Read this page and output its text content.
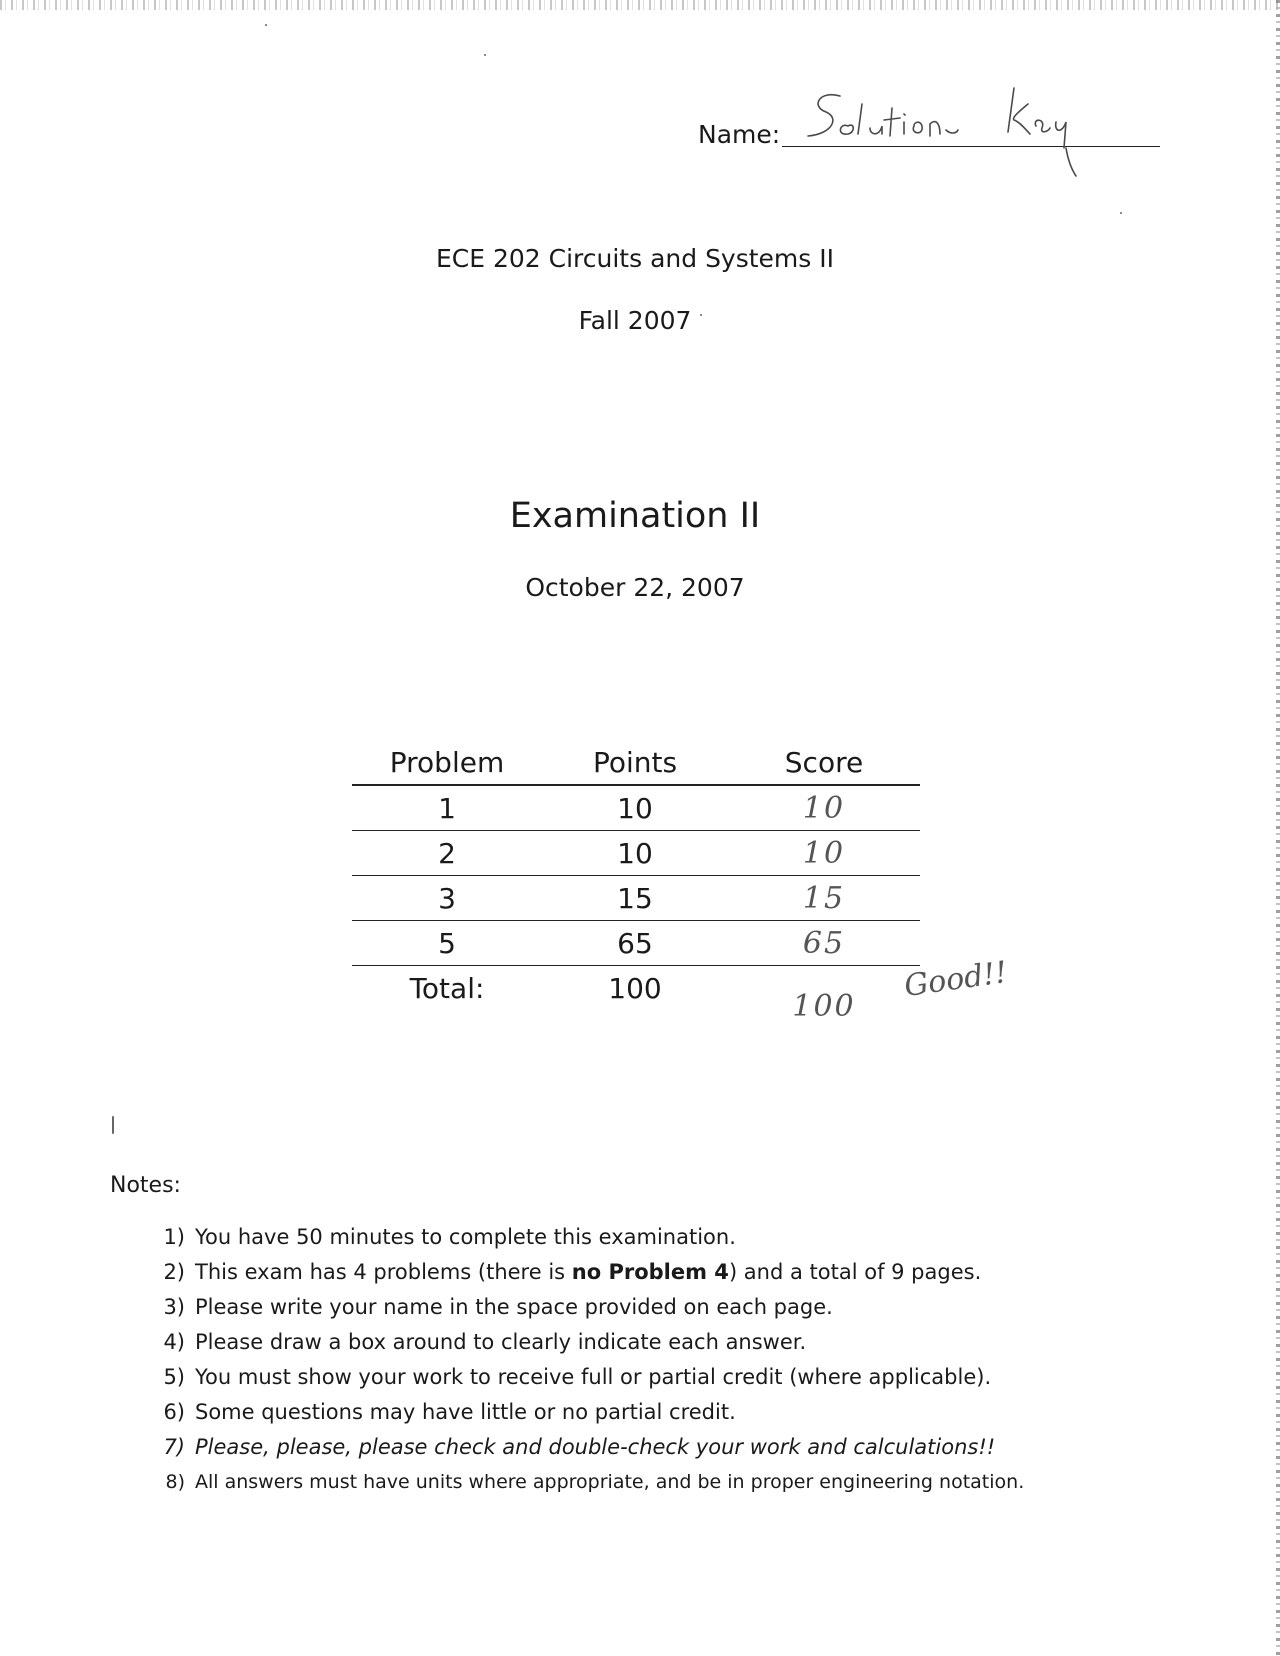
Name:
ECE 202 Circuits and Systems II
Fall 2007
Examination II
October 22, 2007
Problem	Points	Score
1	10	10
2	10	10
3	15	15
5	65	65
Total:	100	100
Good!!
Notes:
1) You have 50 minutes to complete this examination.
2) This exam has 4 problems (there is no Problem 4) and a total of 9 pages.
3) Please write your name in the space provided on each page.
4) Please draw a box around to clearly indicate each answer.
5) You must show your work to receive full or partial credit (where applicable).
6) Some questions may have little or no partial credit.
7) Please, please, please check and double-check your work and calculations!!
8) All answers must have units where appropriate, and be in proper engineering notation.
